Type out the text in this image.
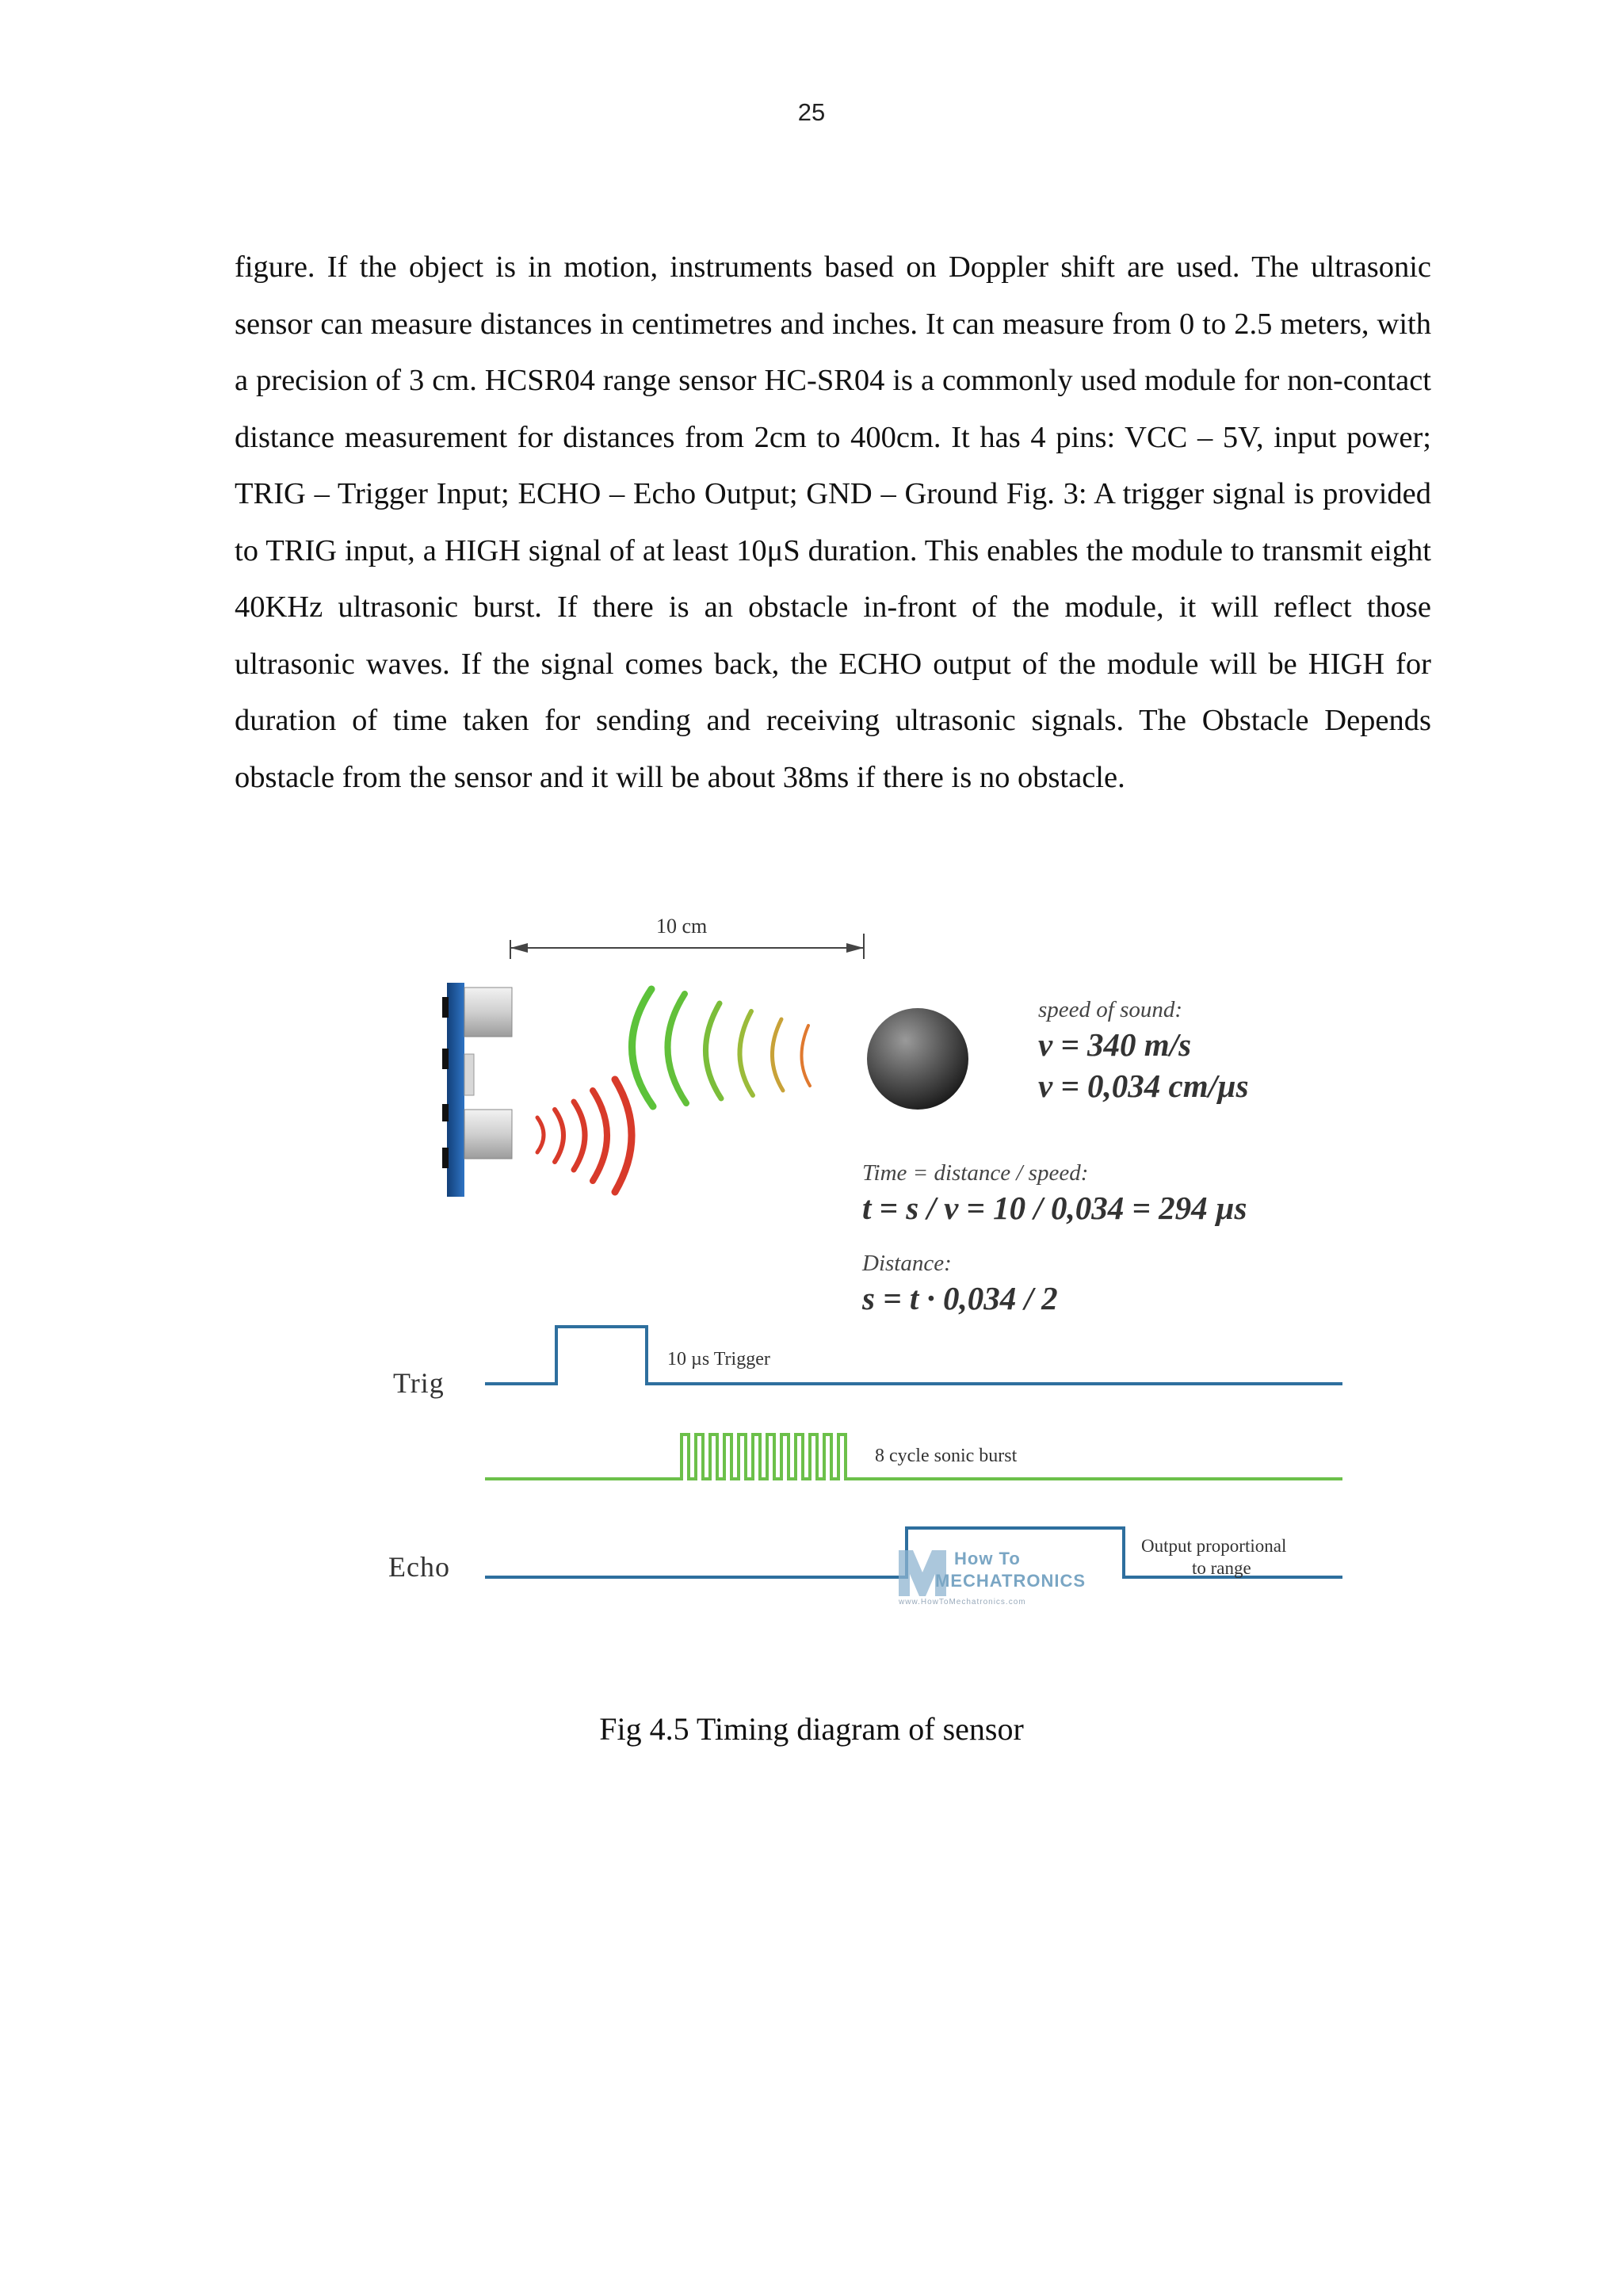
25

figure. If the object is in motion, instruments based on Doppler shift are used. The ultrasonic sensor can measure distances in centimetres and inches. It can measure from 0 to 2.5 meters, with a precision of 3 cm. HCSR04 range sensor HC-SR04 is a commonly used module for non-contact distance measurement for distances from 2cm to 400cm. It has 4 pins: VCC – 5V, input power; TRIG – Trigger Input; ECHO – Echo Output; GND – Ground Fig. 3: A trigger signal is provided to TRIG input, a HIGH signal of at least 10μS duration. This enables the module to transmit eight 40KHz ultrasonic burst. If there is an obstacle in-front of the module, it will reflect those ultrasonic waves. If the signal comes back, the ECHO output of the module will be HIGH for duration of time taken for sending and receiving ultrasonic signals. The Obstacle Depends obstacle from the sensor and it will be about 38ms if there is no obstacle.

10 cm
speed of sound:
v = 340 m/s
v = 0,034 cm/µs
Time = distance / speed:
t = s / v = 10 / 0,034 = 294 µs
Distance:
s = t · 0,034 / 2
Trig
Echo
10 µs Trigger
8 cycle sonic burst
Output proportional
to range
How To
MECHATRONICS
www.HowToMechatronics.com
Fig 4.5 Timing diagram of sensor
